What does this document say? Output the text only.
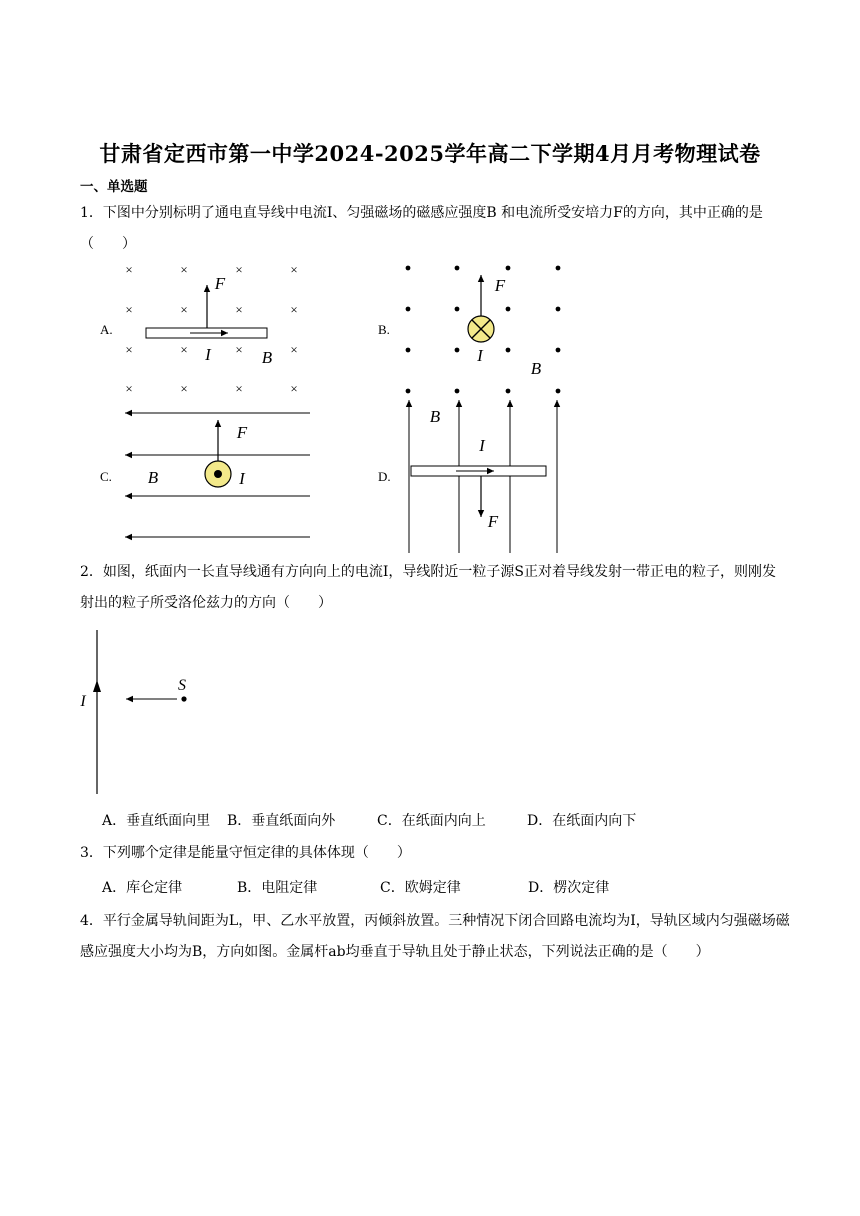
甘肃省定西市第一中学2024-2025学年高二下学期4月月考物理试卷
一、单选题
1．下图中分别标明了通电直导线中电流I、匀强磁场的磁感应强度B 和电流所受安培力F的方向，其中正确的是（　　）
×	×	×	×
×	×	×	×
×	×	×	×
×	×	×	×
F
I	B
A.
F
I
B
B.
F
B	I
C.
B
I
F
D.
2．如图，纸面内一长直导线通有方向向上的电流I，导线附近一粒子源S正对着导线发射一带正电的粒子，则刚发射出的粒子所受洛伦兹力的方向（　　）
I
S
A．垂直纸面向里 B．垂直纸面向外	C．在纸面内向上	D．在纸面内向下
3．下列哪个定律是能量守恒定律的具体体现（　　）
A．库仑定律	B．电阻定律	C．欧姆定律	D．楞次定律
4．平行金属导轨间距为L，甲、乙水平放置，丙倾斜放置。三种情况下闭合回路电流均为I，导轨区域内匀强磁场磁感应强度大小均为B，方向如图。金属杆ab均垂直于导轨且处于静止状态，下列说法正确的是（　　）
